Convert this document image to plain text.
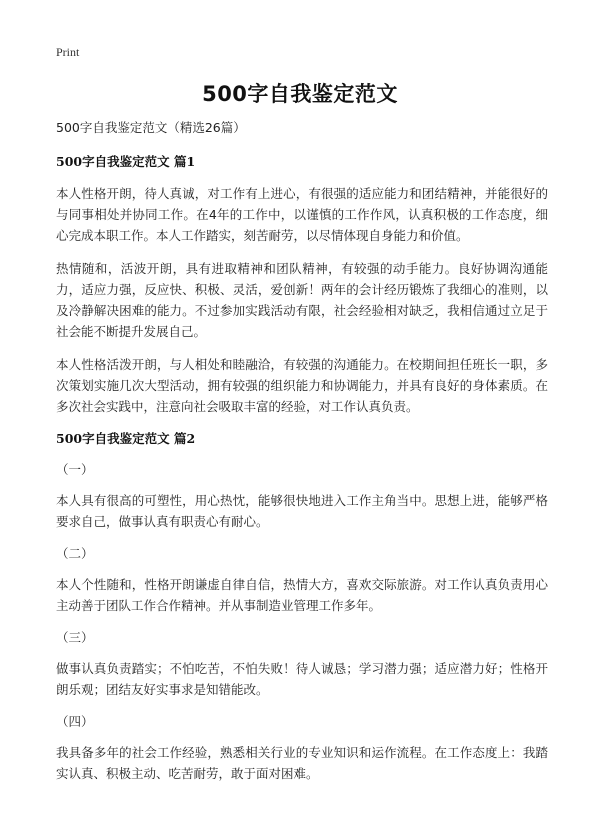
Print
500字自我鉴定范文
500字自我鉴定范文（精选26篇）
500字自我鉴定范文 篇1

本人性格开朗，待人真诚，对工作有上进心，有很强的适应能力和团结精神，并能很好的与同事相处并协同工作。在4年的工作中，以谨慎的工作作风，认真积极的工作态度，细心完成本职工作。本人工作踏实，刻苦耐劳，以尽情体现自身能力和价值。

热情随和，活波开朗，具有进取精神和团队精神，有较强的动手能力。良好协调沟通能力，适应力强，反应快、积极、灵活，爱创新！两年的会计经历锻炼了我细心的准则，以及冷静解决困难的能力。不过参加实践活动有限，社会经验相对缺乏，我相信通过立足于社会能不断提升发展自己。

本人性格活泼开朗，与人相处和睦融洽，有较强的沟通能力。在校期间担任班长一职，多次策划实施几次大型活动，拥有较强的组织能力和协调能力，并具有良好的身体素质。在多次社会实践中，注意向社会吸取丰富的经验，对工作认真负责。

500字自我鉴定范文 篇2
（一）

本人具有很高的可塑性，用心热忱，能够很快地进入工作主角当中。思想上进，能够严格要求自己，做事认真有职责心有耐心。

（二）

本人个性随和，性格开朗谦虚自律自信，热情大方，喜欢交际旅游。对工作认真负责用心主动善于团队工作合作精神。并从事制造业管理工作多年。

（三）

做事认真负责踏实；不怕吃苦，不怕失败！待人诚恳；学习潜力强；适应潜力好；性格开朗乐观；团结友好实事求是知错能改。

（四）

我具备多年的社会工作经验，熟悉相关行业的专业知识和运作流程。在工作态度上：我踏实认真、积极主动、吃苦耐劳，敢于面对困难。
